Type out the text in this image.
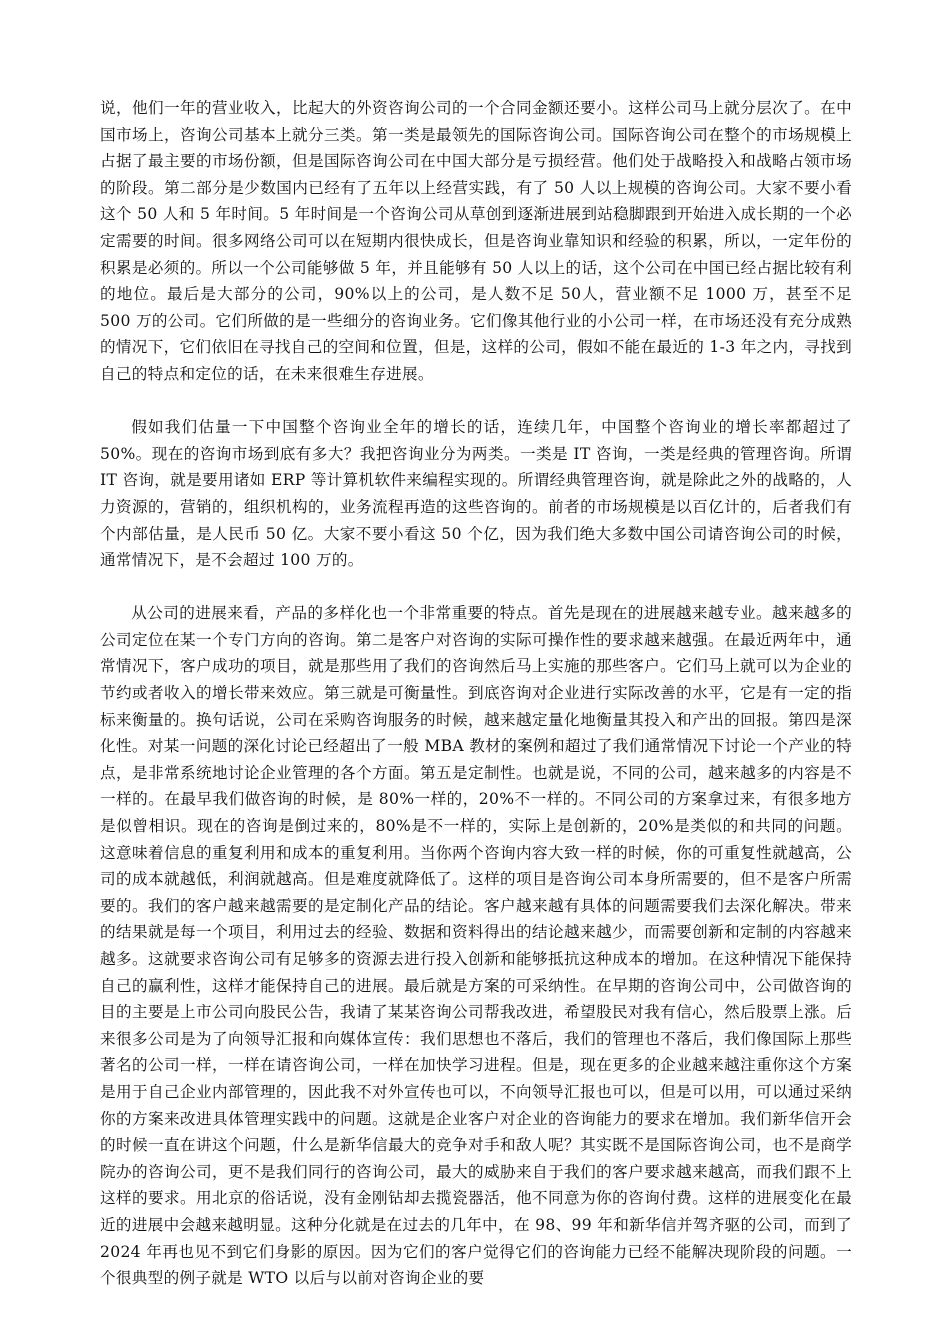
说，他们一年的营业收入，比起大的外资咨询公司的一个合同金额还要小。这样公司马上就分层次了。在中国市场上，咨询公司基本上就分三类。第一类是最领先的国际咨询公司。国际咨询公司在整个的市场规模上占据了最主要的市场份额，但是国际咨询公司在中国大部分是亏损经营。他们处于战略投入和战略占领市场的阶段。第二部分是少数国内已经有了五年以上经营实践，有了 50 人以上规模的咨询公司。大家不要小看这个 50 人和 5 年时间。5 年时间是一个咨询公司从草创到逐渐进展到站稳脚跟到开始进入成长期的一个必定需要的时间。很多网络公司可以在短期内很快成长，但是咨询业靠知识和经验的积累，所以，一定年份的积累是必须的。所以一个公司能够做 5 年，并且能够有 50 人以上的话，这个公司在中国已经占据比较有利的地位。最后是大部分的公司，90%以上的公司，是人数不足 50人，营业额不足 1000 万，甚至不足 500 万的公司。它们所做的是一些细分的咨询业务。它们像其他行业的小公司一样，在市场还没有充分成熟的情况下，它们依旧在寻找自己的空间和位置，但是，这样的公司，假如不能在最近的 1-3 年之内，寻找到自己的特点和定位的话，在未来很难生存进展。

假如我们估量一下中国整个咨询业全年的增长的话，连续几年，中国整个咨询业的增长率都超过了 50%。现在的咨询市场到底有多大？我把咨询业分为两类。一类是 IT 咨询，一类是经典的管理咨询。所谓 IT 咨询，就是要用诸如 ERP 等计算机软件来编程实现的。所谓经典管理咨询，就是除此之外的战略的，人力资源的，营销的，组织机构的，业务流程再造的这些咨询的。前者的市场规模是以百亿计的，后者我们有个内部估量，是人民币 50 亿。大家不要小看这 50 个亿，因为我们绝大多数中国公司请咨询公司的时候，通常情况下，是不会超过 100 万的。

从公司的进展来看，产品的多样化也一个非常重要的特点。首先是现在的进展越来越专业。越来越多的公司定位在某一个专门方向的咨询。第二是客户对咨询的实际可操作性的要求越来越强。在最近两年中，通常情况下，客户成功的项目，就是那些用了我们的咨询然后马上实施的那些客户。它们马上就可以为企业的节约或者收入的增长带来效应。第三就是可衡量性。到底咨询对企业进行实际改善的水平，它是有一定的指标来衡量的。换句话说，公司在采购咨询服务的时候，越来越定量化地衡量其投入和产出的回报。第四是深化性。对某一问题的深化讨论已经超出了一般 MBA 教材的案例和超过了我们通常情况下讨论一个产业的特点，是非常系统地讨论企业管理的各个方面。第五是定制性。也就是说，不同的公司，越来越多的内容是不一样的。在最早我们做咨询的时候，是 80%一样的，20%不一样的。不同公司的方案拿过来，有很多地方是似曾相识。现在的咨询是倒过来的，80%是不一样的，实际上是创新的，20%是类似的和共同的问题。这意味着信息的重复利用和成本的重复利用。当你两个咨询内容大致一样的时候，你的可重复性就越高，公司的成本就越低，利润就越高。但是难度就降低了。这样的项目是咨询公司本身所需要的，但不是客户所需要的。我们的客户越来越需要的是定制化产品的结论。客户越来越有具体的问题需要我们去深化解决。带来的结果就是每一个项目，利用过去的经验、数据和资料得出的结论越来越少，而需要创新和定制的内容越来越多。这就要求咨询公司有足够多的资源去进行投入创新和能够抵抗这种成本的增加。在这种情况下能保持自己的赢利性，这样才能保持自己的进展。最后就是方案的可采纳性。在早期的咨询公司中，公司做咨询的目的主要是上市公司向股民公告，我请了某某咨询公司帮我改进，希望股民对我有信心，然后股票上涨。后来很多公司是为了向领导汇报和向媒体宣传：我们思想也不落后，我们的管理也不落后，我们像国际上那些著名的公司一样，一样在请咨询公司，一样在加快学习进程。但是，现在更多的企业越来越注重你这个方案是用于自己企业内部管理的，因此我不对外宣传也可以，不向领导汇报也可以，但是可以用，可以通过采纳你的方案来改进具体管理实践中的问题。这就是企业客户对企业的咨询能力的要求在增加。我们新华信开会的时候一直在讲这个问题，什么是新华信最大的竞争对手和敌人呢？其实既不是国际咨询公司，也不是商学院办的咨询公司，更不是我们同行的咨询公司，最大的威胁来自于我们的客户要求越来越高，而我们跟不上这样的要求。用北京的俗话说，没有金刚钻却去揽瓷器活，他不同意为你的咨询付费。这样的进展变化在最近的进展中会越来越明显。这种分化就是在过去的几年中，在 98、99 年和新华信并驾齐驱的公司，而到了 2024 年再也见不到它们身影的原因。因为它们的客户觉得它们的咨询能力已经不能解决现阶段的问题。一个很典型的例子就是 WTO 以后与以前对咨询企业的要
